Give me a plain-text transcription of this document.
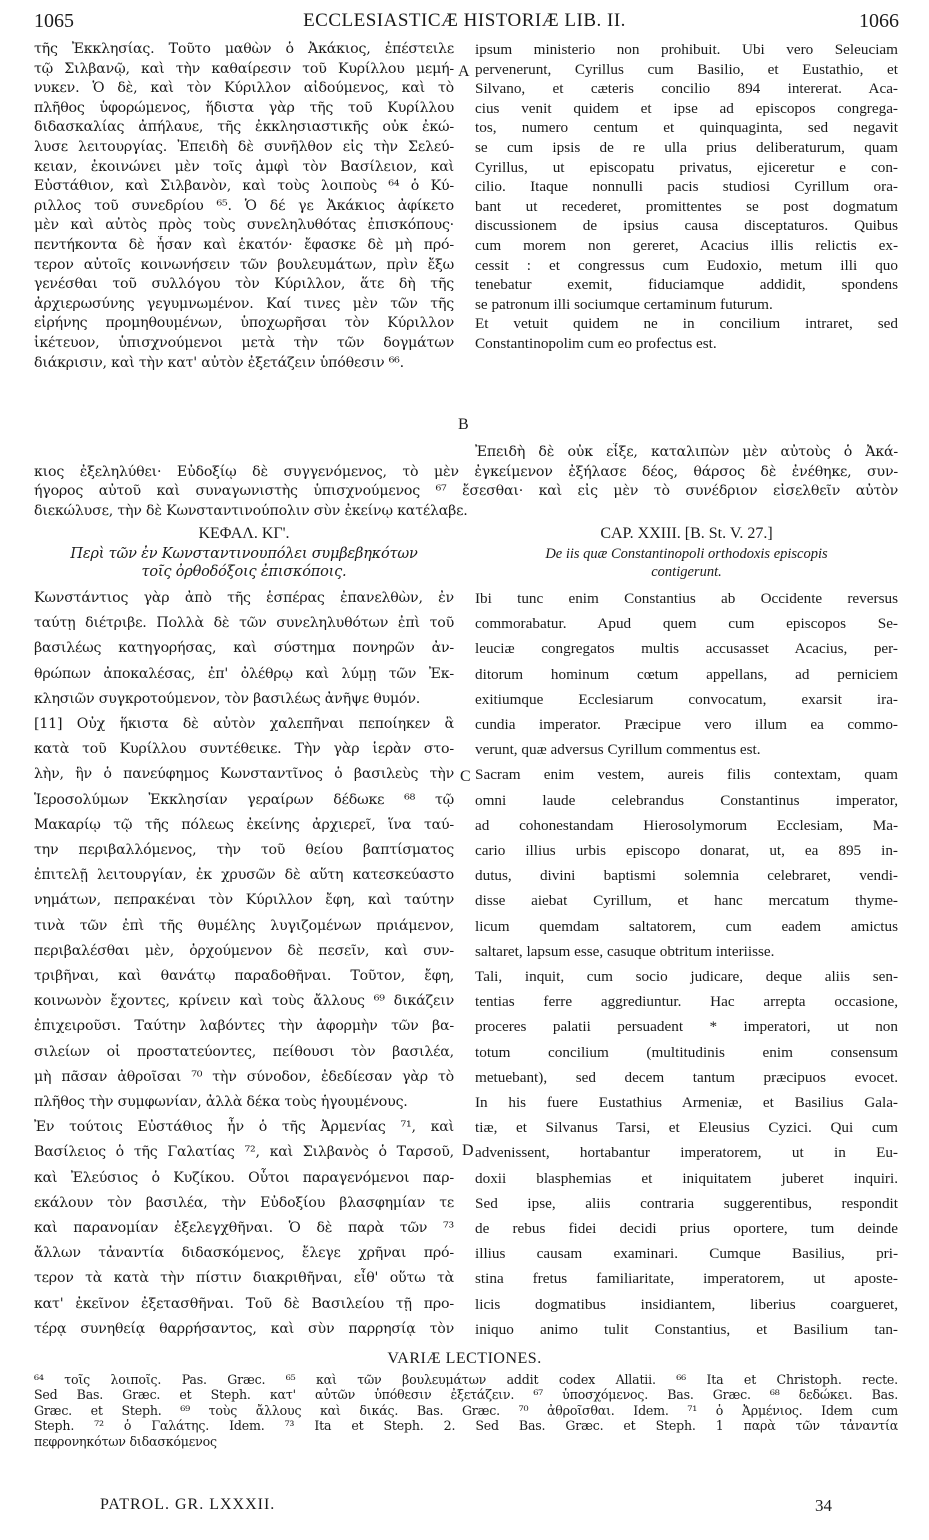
1065	ECCLESIASTICÆ HISTORIÆ LIB. II.	1066
τῆς Ἐκκλησίας. Τοῦτο μαθὼν ὁ Ἀκάκιος, ἐπέστειλε
τῷ Σιλβανῷ, καὶ τὴν καθαίρεσιν τοῦ Κυρίλλου μεμή-
νυκεν. Ὁ δὲ, καὶ τὸν Κύριλλον αἰδούμενος, καὶ τὸ
πλῆθος ὑφορώμενος, ἥδιστα γὰρ τῆς τοῦ Κυρίλλου
διδασκαλίας ἀπήλαυε, τῆς ἐκκλησιαστικῆς οὐκ ἐκώ-
λυσε λειτουργίας. Ἐπειδὴ δὲ συνῆλθον εἰς τὴν Σελεύ-
κειαν, ἐκοινώνει μὲν τοῖς ἀμφὶ τὸν Βασίλειον, καὶ
Εὐστάθιον, καὶ Σιλβανὸν, καὶ τοὺς λοιποὺς ⁶⁴ ὁ Κύ-
ριλλος τοῦ συνεδρίου ⁶⁵. Ὁ δέ γε Ἀκάκιος ἀφίκετο
μὲν καὶ αὐτὸς πρὸς τοὺς συνεληλυθότας ἐπισκόπους·
πεντήκοντα δὲ ἦσαν καὶ ἑκατόν· ἔφασκε δὲ μὴ πρό-
τερον αὐτοῖς κοινωνήσειν τῶν βουλευμάτων, πρὶν ἔξω
γενέσθαι τοῦ συλλόγου τὸν Κύριλλον, ἅτε δὴ τῆς
ἀρχιερωσύνης γεγυμνωμένον. Καί τινες μὲν τῶν τῆς
εἰρήνης προμηθουμένων, ὑποχωρῆσαι τὸν Κύριλλον
ἱκέτευον, ὑπισχνούμενοι μετὰ τὴν τῶν δογμάτων
διάκρισιν, καὶ τὴν κατ' αὐτὸν ἐξετάζειν ὑπόθεσιν ⁶⁶.
ipsum ministerio non prohibuit. Ubi vero Seleuciam
pervenerunt, Cyrillus cum Basilio, et Eustathio, et
Silvano, et cæteris concilio 894 intererat. Aca-
cius venit quidem et ipse ad episcopos congrega-
tos, numero centum et quinquaginta, sed negavit
se cum ipsis de re ulla prius deliberaturum, quam
Cyrillus, ut episcopatu privatus, ejiceretur e con-
cilio. Itaque nonnulli pacis studiosi Cyrillum ora-
bant ut recederet, promittentes se post dogmatum
discussionem de ipsius causa disceptaturos. Quibus
cum morem non gereret, Acacius illis relictis ex-
cessit : et congressus cum Eudoxio, metum illi quo
tenebatur exemit, fiduciamque addidit, spondens
se patronum illi sociumque certaminum futurum.
Et vetuit quidem ne in concilium intraret, sed
Constantinopolim cum eo profectus est.
A
B
C
D
Ἐπειδὴ δὲ οὐκ εἶξε, καταλιπὼν μὲν αὐτοὺς ὁ Ἀκά-
κιος ἐξεληλύθει· Εὐδοξίῳ δὲ συγγενόμενος, τὸ μὲν ἐγκείμενον ἐξήλασε δέος, θάρσος δὲ ἐνέθηκε, συν-
ήγορος αὐτοῦ καὶ συναγωνιστὴς ὑπισχνούμενος ⁶⁷ ἔσεσθαι· καὶ εἰς μὲν τὸ συνέδριον εἰσελθεῖν αὐτὸν
διεκώλυσε, τὴν δὲ Κωνσταντινούπολιν σὺν ἐκείνῳ κατέλαβε.
ΚΕΦΑΛ. ΚΓ'.
Περὶ τῶν ἐν Κωνσταντινουπόλει συμβεβηκότων
τοῖς ὀρθοδόξοις ἐπισκόποις.
CAP. XXIII. [B. St. V. 27.]
De iis quæ Constantinopoli orthodoxis episcopis
contigerunt.
Κωνστάντιος γὰρ ἀπὸ τῆς ἑσπέρας ἐπανελθὼν, ἐν
ταύτῃ διέτριβε. Πολλὰ δὲ τῶν συνεληλυθότων ἐπὶ τοῦ
βασιλέως κατηγορήσας, καὶ σύστημα πονηρῶν ἀν-
θρώπων ἀποκαλέσας, ἐπ' ὀλέθρῳ καὶ λύμῃ τῶν Ἐκ-
κλησιῶν συγκροτούμενον, τὸν βασιλέως ἀνῆψε θυμόν.
[11] Οὐχ ἥκιστα δὲ αὐτὸν χαλεπῆναι πεποίηκεν ἃ
κατὰ τοῦ Κυρίλλου συντέθεικε. Τὴν γὰρ ἱερὰν στο-
λὴν, ἣν ὁ πανεύφημος Κωνσταντῖνος ὁ βασιλεὺς τὴν
Ἱεροσολύμων Ἐκκλησίαν γεραίρων δέδωκε ⁶⁸ τῷ
Μακαρίῳ τῷ τῆς πόλεως ἐκείνης ἀρχιερεῖ, ἵνα ταύ-
την περιβαλλόμενος, τὴν τοῦ θείου βαπτίσματος
ἐπιτελῇ λειτουργίαν, ἐκ χρυσῶν δὲ αὕτη κατεσκεύαστο
νημάτων, πεπρακέναι τὸν Κύριλλον ἔφη, καὶ ταύτην
τινὰ τῶν ἐπὶ τῆς θυμέλης λυγιζομένων πριάμενον,
περιβαλέσθαι μὲν, ὀρχούμενον δὲ πεσεῖν, καὶ συν-
τριβῆναι, καὶ θανάτῳ παραδοθῆναι. Τοῦτον, ἔφη,
κοινωνὸν ἔχοντες, κρίνειν καὶ τοὺς ἄλλους ⁶⁹ δικάζειν
ἐπιχειροῦσι. Ταύτην λαβόντες τὴν ἀφορμὴν τῶν βα-
σιλείων οἱ προστατεύοντες, πείθουσι τὸν βασιλέα,
μὴ πᾶσαν ἀθροῖσαι ⁷⁰ τὴν σύνοδον, ἐδεδίεσαν γὰρ τὸ
πλῆθος τὴν συμφωνίαν, ἀλλὰ δέκα τοὺς ἡγουμένους.
Ἐν τούτοις Εὐστάθιος ἦν ὁ τῆς Ἀρμενίας ⁷¹, καὶ
Βασίλειος ὁ τῆς Γαλατίας ⁷², καὶ Σιλβανὸς ὁ Ταρσοῦ,
καὶ Ἐλεύσιος ὁ Κυζίκου. Οὗτοι παραγενόμενοι παρ-
εκάλουν τὸν βασιλέα, τὴν Εὐδοξίου βλασφημίαν τε
καὶ παρανομίαν ἐξελεγχθῆναι. Ὁ δὲ παρὰ τῶν ⁷³
ἄλλων τἀναντία διδασκόμενος, ἔλεγε χρῆναι πρό-
τερον τὰ κατὰ τὴν πίστιν διακριθῆναι, εἶθ' οὕτω τὰ
κατ' ἐκεῖνον ἐξετασθῆναι. Τοῦ δὲ Βασιλείου τῇ προ-
τέρᾳ συνηθείᾳ θαρρήσαντος, καὶ σὺν παρρησίᾳ τὸν
Ibi tunc enim Constantius ab Occidente reversus
commorabatur. Apud quem cum episcopos Se-
leuciæ congregatos multis accusasset Acacius, per-
ditorum hominum cœtum appellans, ad perniciem
exitiumque Ecclesiarum convocatum, exarsit ira-
cundia imperator. Præcipue vero illum ea commo-
verunt, quæ adversus Cyrillum commentus est.
Sacram enim vestem, aureis filis contextam, quam
omni laude celebrandus Constantinus imperator,
ad cohonestandam Hierosolymorum Ecclesiam, Ma-
cario illius urbis episcopo donarat, ut, ea 895 in-
dutus, divini baptismi solemnia celebraret, vendi-
disse aiebat Cyrillum, et hanc mercatum thyme-
licum quemdam saltatorem, cum eadem amictus
saltaret, lapsum esse, casuque obtritum interiisse.
Tali, inquit, cum socio judicare, deque aliis sen-
tentias ferre aggrediuntur. Hac arrepta occasione,
proceres palatii persuadent * imperatori, ut non
totum concilium (multitudinis enim consensum
metuebant), sed decem tantum præcipuos evocet.
In his fuere Eustathius Armeniæ, et Basilius Gala-
tiæ, et Silvanus Tarsi, et Eleusius Cyzici. Qui cum
advenissent, hortabantur imperatorem, ut in Eu-
doxii blasphemias et iniquitatem juberet inquiri.
Sed ipse, aliis contraria suggerentibus, respondit
de rebus fidei decidi prius oportere, tum deinde
illius causam examinari. Cumque Basilius, pri-
stina fretus familiaritate, imperatorem, ut aposte-
licis dogmatibus insidiantem, liberius coargueret,
iniquo animo tulit Constantius, et Basilium tan-
VARIÆ LECTIONES.
⁶⁴ τοῖς λοιποῖς. Pas. Græc. ⁶⁵ καὶ τῶν βουλευμάτων addit codex Allatii. ⁶⁶ Ita et Christoph. recte.
Sed Bas. Græc. et Steph. κατ' αὐτῶν ὑπόθεσιν ἐξετάζειν. ⁶⁷ ὑποσχόμενος. Bas. Græc. ⁶⁸ δεδώκει. Bas.
Græc. et Steph. ⁶⁹ τοὺς ἄλλους καὶ δικάς. Bas. Græc. ⁷⁰ ἀθροῖσθαι. Idem. ⁷¹ ὁ Ἀρμένιος. Idem cum
Steph. ⁷² ὁ Γαλάτης. Idem. ⁷³ Ita et Steph. 2. Sed Bas. Græc. et Steph. 1 παρὰ τῶν τἀναντία
πεφρονηκότων διδασκόμενος
PATROL. GR. LXXXII.	34
